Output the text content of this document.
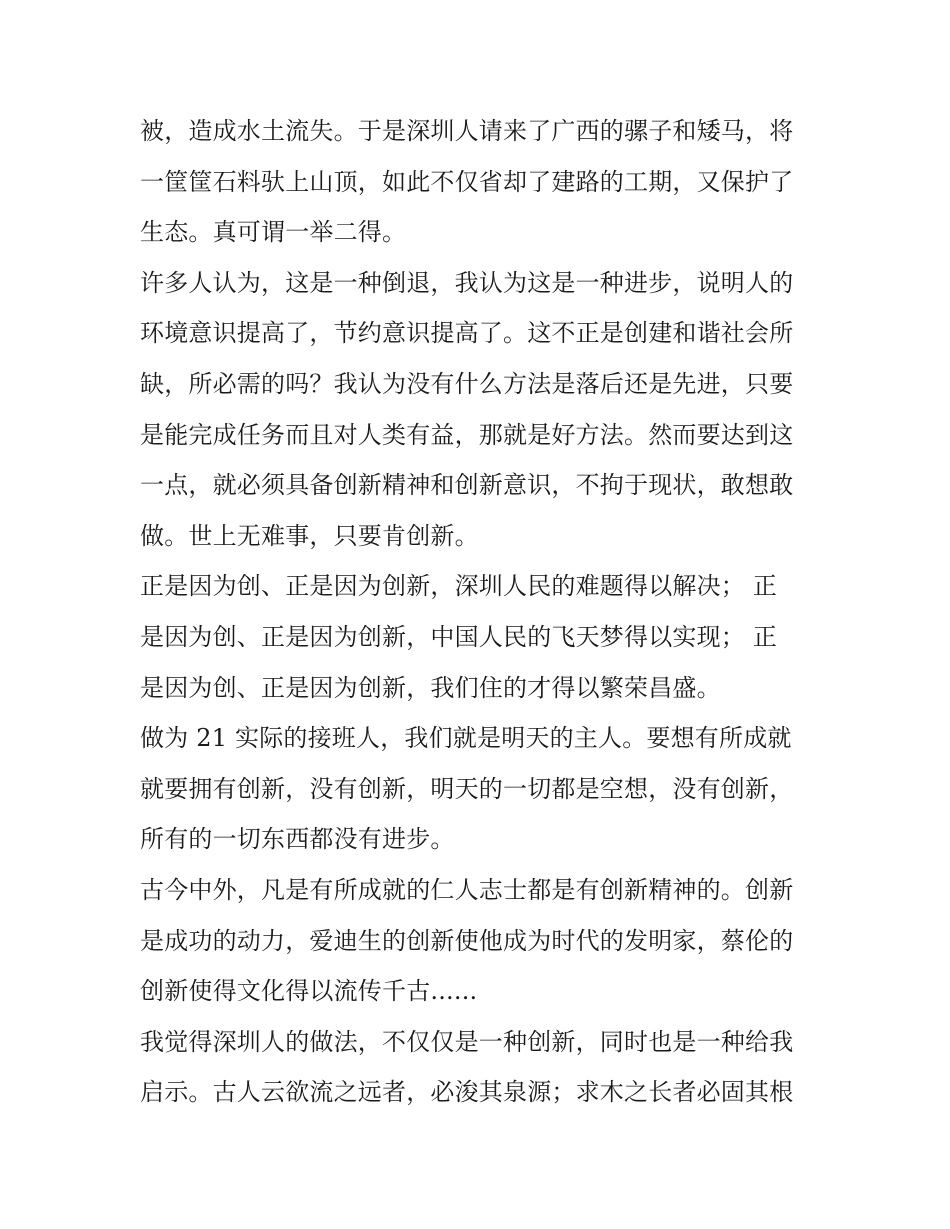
被，造成水土流失。于是深圳人请来了广西的骡子和矮马，将
一筐筐石料驮上山顶，如此不仅省却了建路的工期，又保护了
生态。真可谓一举二得。
许多人认为，这是一种倒退，我认为这是一种进步，说明人的
环境意识提高了，节约意识提高了。这不正是创建和谐社会所
缺，所必需的吗？我认为没有什么方法是落后还是先进，只要
是能完成任务而且对人类有益，那就是好方法。然而要达到这
一点，就必须具备创新精神和创新意识，不拘于现状，敢想敢
做。世上无难事，只要肯创新。
正是因为创、正是因为创新，深圳人民的难题得以解决； 正
是因为创、正是因为创新，中国人民的飞天梦得以实现； 正
是因为创、正是因为创新，我们住的才得以繁荣昌盛。
做为 21 实际的接班人，我们就是明天的主人。要想有所成就
就要拥有创新，没有创新，明天的一切都是空想，没有创新，
所有的一切东西都没有进步。
古今中外，凡是有所成就的仁人志士都是有创新精神的。创新
是成功的动力，爱迪生的创新使他成为时代的发明家，蔡伦的
创新使得文化得以流传千古......
我觉得深圳人的做法，不仅仅是一种创新，同时也是一种给我
启示。古人云欲流之远者，必浚其泉源；求木之长者必固其根
